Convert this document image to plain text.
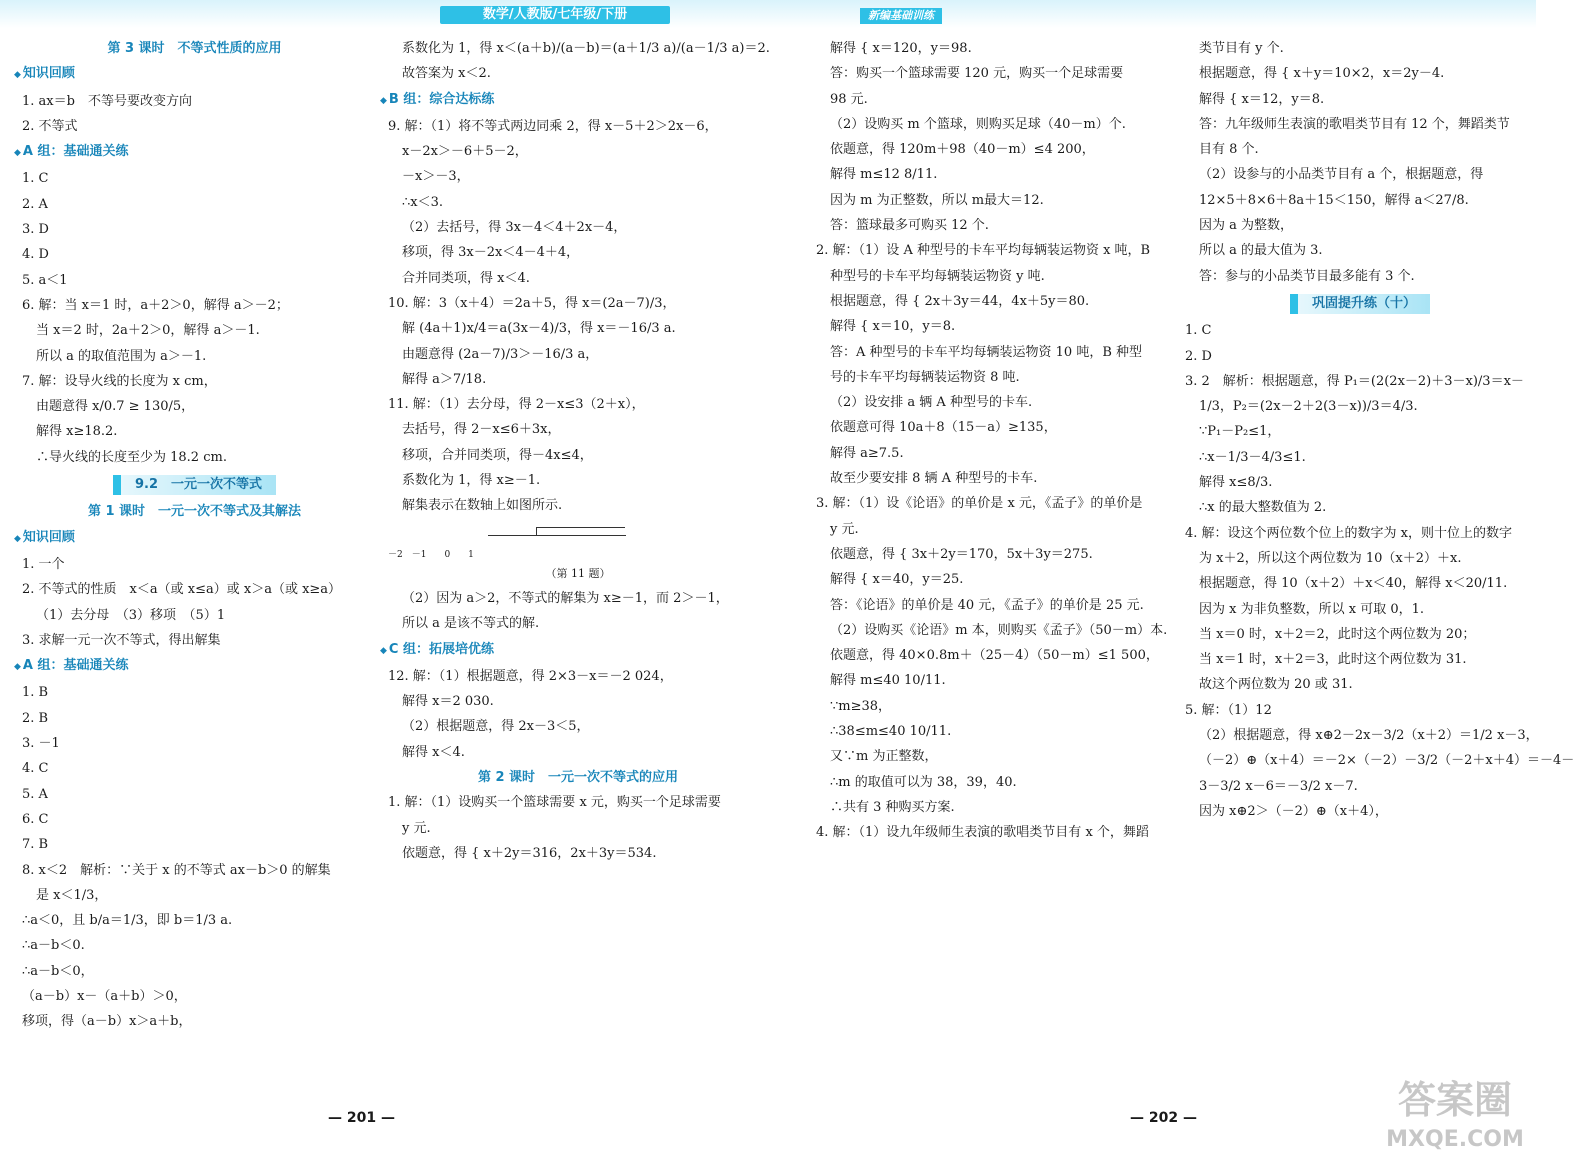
数学/人教版/七年级/下册	新编基础训练

第 3 课时　不等式性质的应用

◆ 知识回顾

1. ax＝b　不等号要改变方向

2. 不等式

◆ A 组：基础通关练

1. C

2. A

3. D

4. D

5. a＜1

6. 解：当 x＝1 时，a＋2＞0，解得 a＞－2；

当 x＝2 时，2a＋2＞0，解得 a＞－1.

所以 a 的取值范围为 a＞－1.

7. 解：设导火线的长度为 x cm，

由题意得 x/0.7 ≥ 130/5，

解得 x≥18.2.

∴导火线的长度至少为 18.2 cm.

9.2　一元一次不等式

第 1 课时　一元一次不等式及其解法

◆ 知识回顾

1. 一个

2. 不等式的性质　x＜a（或 x≤a）或 x＞a（或 x≥a）

（1）去分母　（3）移项　（5）1

3. 求解一元一次不等式，得出解集

◆ A 组：基础通关练

1. B

2. B

3. －1

4. C

5. A

6. C

7. B

8. x＜2　解析：∵关于 x 的不等式 ax－b＞0 的解集

是 x＜1/3，

∴a＜0，且 b/a＝1/3，即 b＝1/3 a.

∴a－b＜0.

∴a－b＜0，

（a－b）x－（a＋b）＞0，

移项，得（a－b）x＞a＋b，

系数化为 1，得 x＜(a＋b)/(a－b)＝(a＋1/3 a)/(a－1/3 a)＝2.

故答案为 x＜2.

◆ B 组：综合达标练

9. 解：（1）将不等式两边同乘 2，得 x－5＋2＞2x－6，

x－2x＞－6＋5－2，

－x＞－3，

∴x＜3.

（2）去括号，得 3x－4＜4＋2x－4，

移项，得 3x－2x＜4－4＋4，

合并同类项，得 x＜4.

10. 解：3（x＋4）＝2a＋5，得 x＝(2a－7)/3，

解 (4a＋1)x/4＝a(3x－4)/3，得 x＝－16/3 a.

由题意得 (2a－7)/3＞－16/3 a，

解得 a＞7/18.

11. 解：（1）去分母，得 2－x≤3（2＋x），

去括号，得 2－x≤6＋3x，

移项，合并同类项，得－4x≤4，

系数化为 1，得 x≥－1.

解集表示在数轴上如图所示.

－2　－1　　0　　1

（第 11 题）

（2）因为 a＞2，不等式的解集为 x≥－1，而 2＞－1，

所以 a 是该不等式的解.

◆ C 组：拓展培优练

12. 解：（1）根据题意，得 2×3－x＝－2 024，

解得 x＝2 030.

（2）根据题意，得 2x－3＜5，

解得 x＜4.

第 2 课时　一元一次不等式的应用

1. 解：（1）设购买一个篮球需要 x 元，购买一个足球需要

y 元.

依题意，得 { x＋2y＝316，2x＋3y＝534.

解得 { x＝120，y＝98.

答：购买一个篮球需要 120 元，购买一个足球需要

98 元.

（2）设购买 m 个篮球，则购买足球（40－m）个.

依题意，得 120m＋98（40－m）≤4 200，

解得 m≤12 8/11.

因为 m 为正整数，所以 m最大＝12.

答：篮球最多可购买 12 个.

2. 解：（1）设 A 种型号的卡车平均每辆装运物资 x 吨，B

种型号的卡车平均每辆装运物资 y 吨.

根据题意，得 { 2x＋3y＝44，4x＋5y＝80.

解得 { x＝10，y＝8.

答：A 种型号的卡车平均每辆装运物资 10 吨，B 种型

号的卡车平均每辆装运物资 8 吨.

（2）设安排 a 辆 A 种型号的卡车.

依题意可得 10a＋8（15－a）≥135，

解得 a≥7.5.

故至少要安排 8 辆 A 种型号的卡车.

3. 解：（1）设《论语》的单价是 x 元，《孟子》的单价是

y 元.

依题意，得 { 3x＋2y＝170，5x＋3y＝275.

解得 { x＝40，y＝25.

答：《论语》的单价是 40 元，《孟子》的单价是 25 元.

（2）设购买《论语》m 本，则购买《孟子》（50－m）本.

依题意，得 40×0.8m＋（25－4）（50－m）≤1 500，

解得 m≤40 10/11.

∵m≥38，

∴38≤m≤40 10/11.

又∵m 为正整数，

∴m 的取值可以为 38，39，40.

∴共有 3 种购买方案.

4. 解：（1）设九年级师生表演的歌唱类节目有 x 个，舞蹈

类节目有 y 个.

根据题意，得 { x＋y＝10×2，x＝2y－4.

解得 { x＝12，y＝8.

答：九年级师生表演的歌唱类节目有 12 个，舞蹈类节

目有 8 个.

（2）设参与的小品类节目有 a 个，根据题意，得

12×5＋8×6＋8a＋15＜150，解得 a＜27/8.

因为 a 为整数，

所以 a 的最大值为 3.

答：参与的小品类节目最多能有 3 个.

巩固提升练（十）

1. C

2. D

3. 2　解析：根据题意，得 P₁＝(2(2x－2)＋3－x)/3＝x－

1/3，P₂＝(2x－2＋2(3－x))/3＝4/3.

∵P₁－P₂≤1，

∴x－1/3－4/3≤1.

解得 x≤8/3.

∴x 的最大整数值为 2.

4. 解：设这个两位数个位上的数字为 x，则十位上的数字

为 x＋2，所以这个两位数为 10（x＋2）＋x.

根据题意，得 10（x＋2）＋x＜40，解得 x＜20/11.

因为 x 为非负整数，所以 x 可取 0，1.

当 x＝0 时，x＋2＝2，此时这个两位数为 20；

当 x＝1 时，x＋2＝3，此时这个两位数为 31.

故这个两位数为 20 或 31.

5. 解：（1）12

（2）根据题意，得 x⊕2－2x－3/2（x＋2）＝1/2 x－3，

（－2）⊕（x＋4）＝－2×（－2）－3/2（－2＋x＋4）＝－4－

3－3/2 x－6＝－3/2 x－7.

因为 x⊕2＞（－2）⊕（x＋4），

— 201 —	— 202 —	答案圈
MXQE.COM
